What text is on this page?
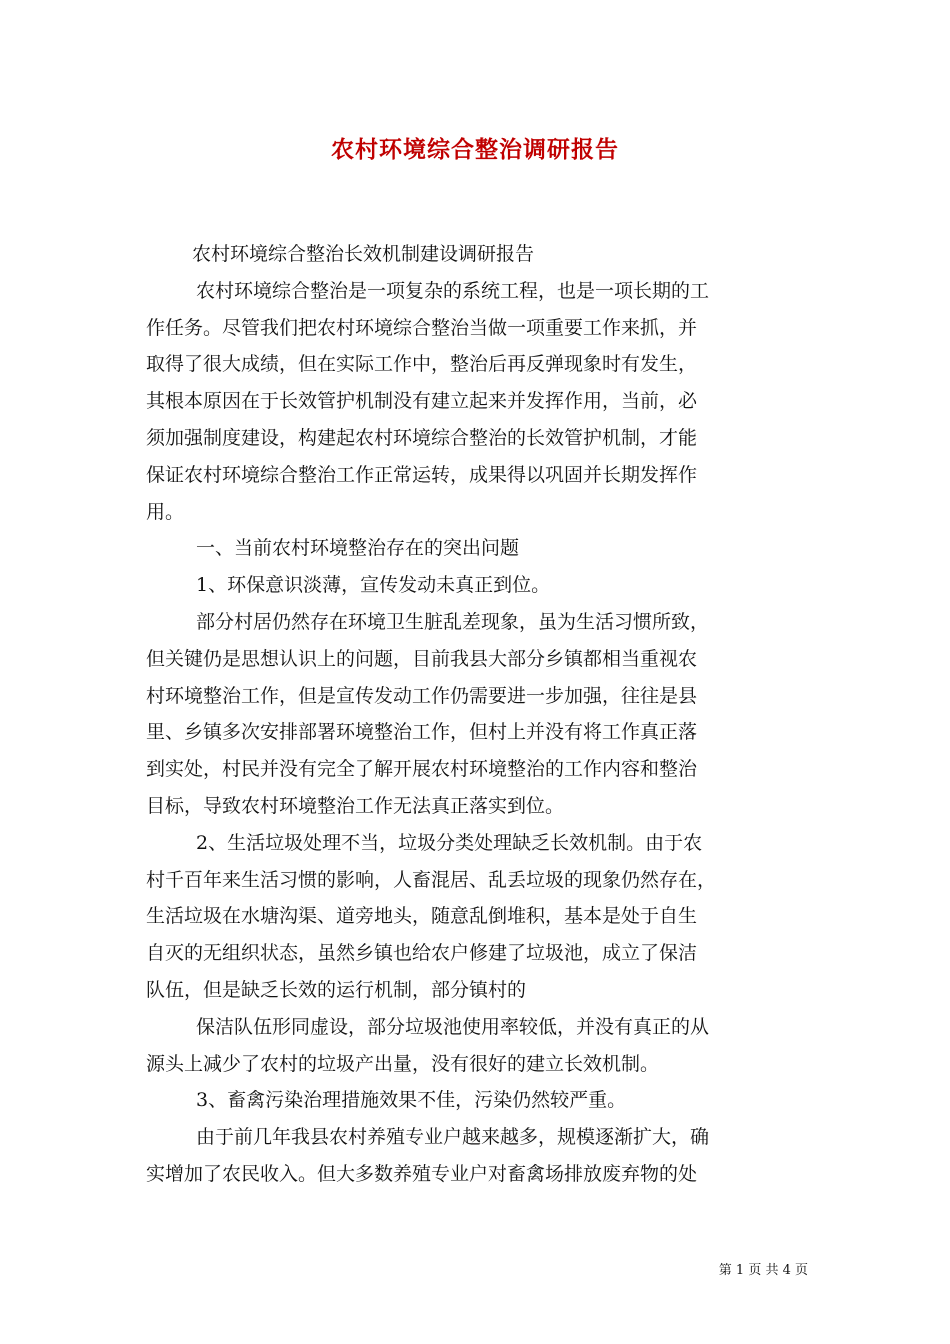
农村环境综合整治调研报告
农村环境综合整治长效机制建设调研报告
农村环境综合整治是一项复杂的系统工程，也是一项长期的工
作任务。尽管我们把农村环境综合整治当做一项重要工作来抓，并
取得了很大成绩，但在实际工作中，整治后再反弹现象时有发生，
其根本原因在于长效管护机制没有建立起来并发挥作用，当前，必
须加强制度建设，构建起农村环境综合整治的长效管护机制，才能
保证农村环境综合整治工作正常运转，成果得以巩固并长期发挥作
用。
一、当前农村环境整治存在的突出问题
1、环保意识淡薄，宣传发动未真正到位。
部分村居仍然存在环境卫生脏乱差现象，虽为生活习惯所致，
但关键仍是思想认识上的问题，目前我县大部分乡镇都相当重视农
村环境整治工作，但是宣传发动工作仍需要进一步加强，往往是县
里、乡镇多次安排部署环境整治工作，但村上并没有将工作真正落
到实处，村民并没有完全了解开展农村环境整治的工作内容和整治
目标，导致农村环境整治工作无法真正落实到位。
2、生活垃圾处理不当，垃圾分类处理缺乏长效机制。由于农
村千百年来生活习惯的影响，人畜混居、乱丢垃圾的现象仍然存在，
生活垃圾在水塘沟渠、道旁地头，随意乱倒堆积，基本是处于自生
自灭的无组织状态，虽然乡镇也给农户修建了垃圾池，成立了保洁
队伍，但是缺乏长效的运行机制，部分镇村的
保洁队伍形同虚设，部分垃圾池使用率较低，并没有真正的从
源头上减少了农村的垃圾产出量，没有很好的建立长效机制。
3、畜禽污染治理措施效果不佳，污染仍然较严重。
由于前几年我县农村养殖专业户越来越多，规模逐渐扩大，确
实增加了农民收入。但大多数养殖专业户对畜禽场排放废弃物的处
第 1 页 共 4 页
